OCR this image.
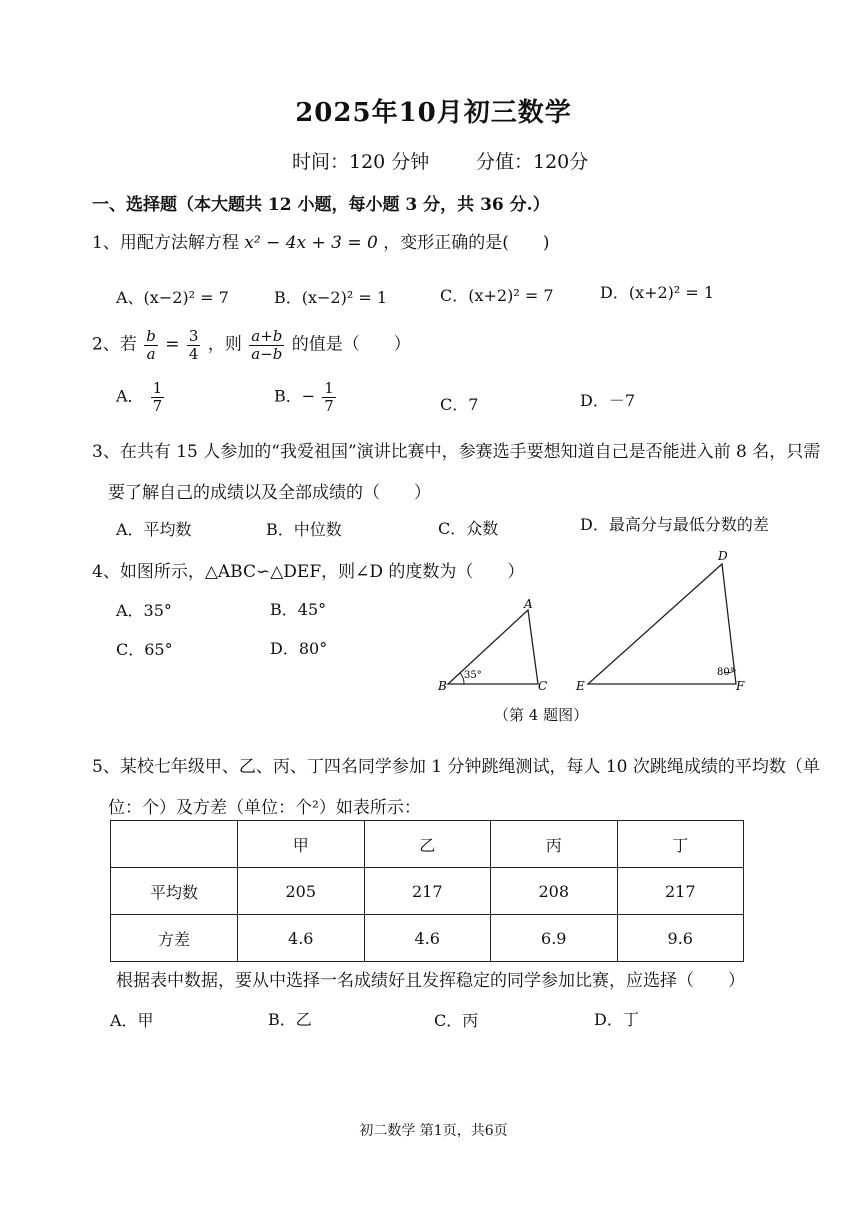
2025年10月初三数学
时间：120 分钟 分值：120分
一、选择题（本大题共 12 小题，每小题 3 分，共 36 分.）
1、用配方法解方程 x² − 4x + 3 = 0 ，变形正确的是(　　)
A、(x−2)² = 7	B．(x−2)² = 1	C．(x+2)² = 7	D．(x+2)² = 1
2、若 $\frac{b}{a} = \frac{3}{4}$ ，则 $\frac{a+b}{a-b}$ 的值是（　　）
A． $\frac{1}{7}$	B．− $\frac{1}{7}$	C．7	D．－7
3、在共有 15 人参加的“我爱祖国”演讲比赛中，参赛选手要想知道自己是否能进入前 8 名，只需
要了解自己的成绩以及全部成绩的（　　）
A．平均数	B．中位数	C．众数	D．最高分与最低分数的差
4、如图所示，△ABC∽△DEF，则∠D 的度数为（　　）
A．35°	B．45°
C．65°	D．80°
35°
B
A
C
80°
D
E	F
（第 4 题图）
5、某校七年级甲、乙、丙、丁四名同学参加 1 分钟跳绳测试，每人 10 次跳绳成绩的平均数（单
位：个）及方差（单位：个²）如表所示：
	甲	乙	丙	丁
平均数	205	217	208	217
方差	4.6	4.6	6.9	9.6
根据表中数据，要从中选择一名成绩好且发挥稳定的同学参加比赛，应选择（　　）
A．甲	B．乙	C．丙	D．丁
初二数学 第1页，共6页
